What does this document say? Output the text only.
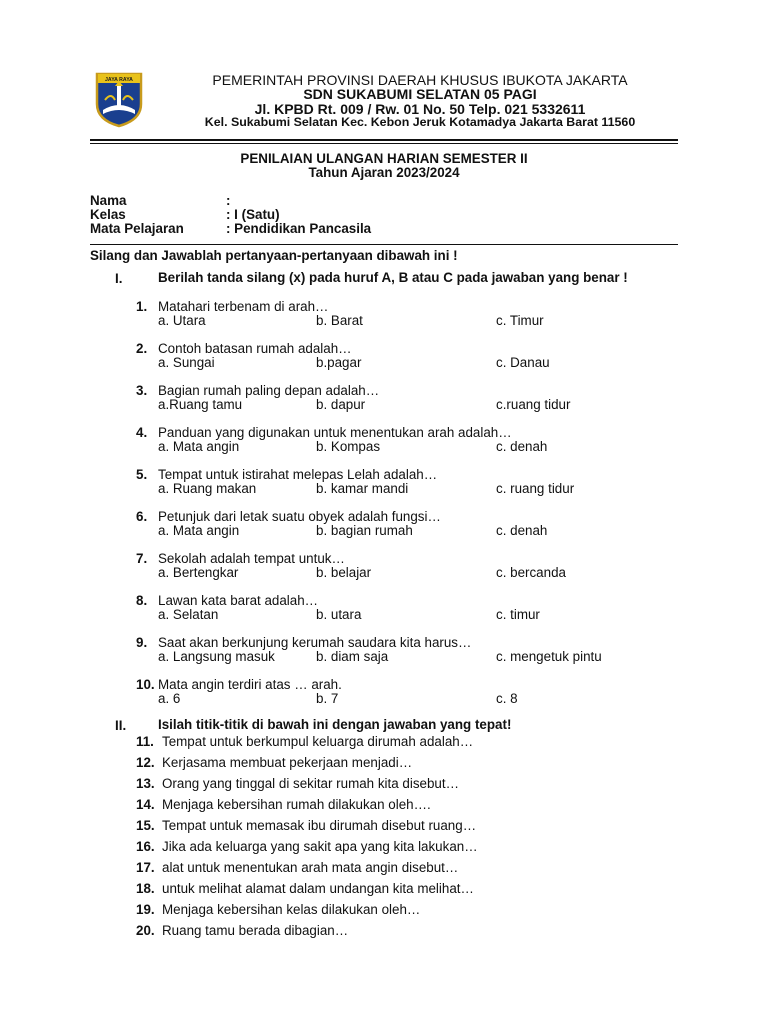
JAYA RAYA	PEMERINTAH PROVINSI DAERAH KHUSUS IBUKOTA JAKARTA
SDN SUKABUMI SELATAN 05 PAGI
Jl. KPBD Rt. 009 / Rw. 01 No. 50 Telp. 021 5332611
Kel. Sukabumi Selatan Kec. Kebon Jeruk Kotamadya Jakarta Barat 11560
PENILAIAN ULANGAN HARIAN SEMESTER II
Tahun Ajaran 2023/2024
Nama	:
Kelas	: I (Satu)
Mata Pelajaran	: Pendidikan Pancasila
Silang dan Jawablah pertanyaan-pertanyaan dibawah ini !
I.	Berilah tanda silang (x) pada huruf A, B atau C pada jawaban yang benar !
1. Matahari terbenam di arah…
a. Utara	b. Barat	c. Timur
2. Contoh batasan rumah adalah…
a. Sungai	b.pagar	c. Danau
3. Bagian rumah paling depan adalah…
a.Ruang tamu	b. dapur	c.ruang tidur
4. Panduan yang digunakan untuk menentukan arah adalah…
a. Mata angin	b. Kompas	c. denah
5. Tempat untuk istirahat melepas Lelah adalah…
a. Ruang makan	b. kamar mandi	c. ruang tidur
6. Petunjuk dari letak suatu obyek adalah fungsi…
a. Mata angin	b. bagian rumah	c. denah
7. Sekolah adalah tempat untuk…
a. Bertengkar	b. belajar	c. bercanda
8. Lawan kata barat adalah…
a. Selatan	b. utara	c. timur
9. Saat akan berkunjung kerumah saudara kita harus…
a. Langsung masuk	b. diam saja	c. mengetuk pintu
10. Mata angin terdiri atas … arah.
a. 6	b. 7	c. 8
II. Isilah titik-titik di bawah ini dengan jawaban yang tepat!
11. Tempat untuk berkumpul keluarga dirumah adalah…
12. Kerjasama membuat pekerjaan menjadi…
13. Orang yang tinggal di sekitar rumah kita disebut…
14. Menjaga kebersihan rumah dilakukan oleh….
15. Tempat untuk memasak ibu dirumah disebut ruang…
16. Jika ada keluarga yang sakit apa yang kita lakukan…
17. alat untuk menentukan arah mata angin disebut…
18. untuk melihat alamat dalam undangan kita melihat…
19. Menjaga kebersihan kelas dilakukan oleh…
20. Ruang tamu berada dibagian…
